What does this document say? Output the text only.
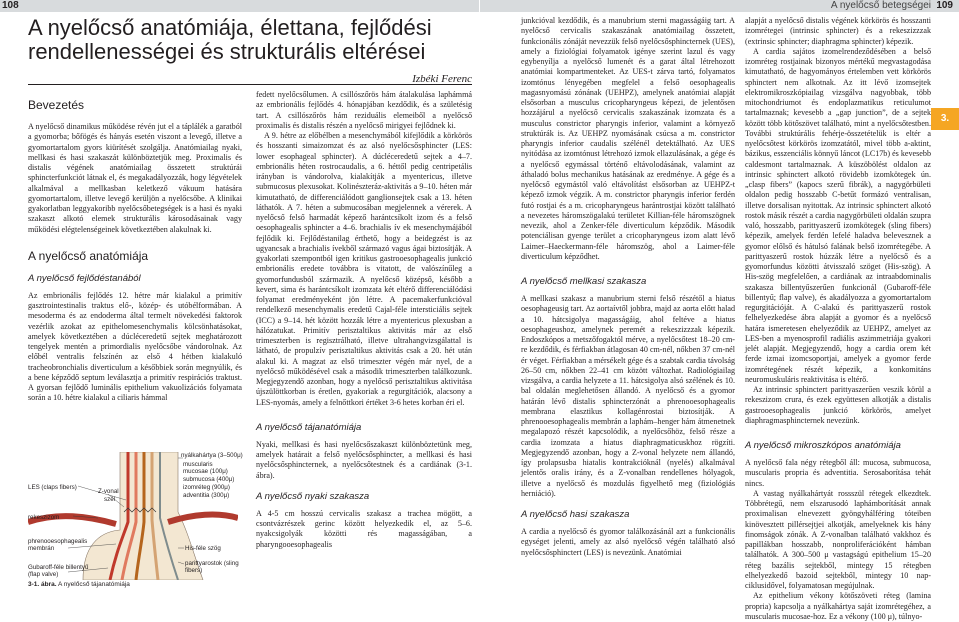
108	A nyelőcső betegségei 109
A nyelőcső anatómiája, élettana, fejlődési rendellenességei és strukturális eltérései
Izbéki Ferenc
3.
Bevezetés

A nyelőcső dinamikus működése révén jut el a táplálék a garatból a gyomorba; bőfögés és hányás esetén viszont a levegő, illetve a gyomortartalom gyors kiürítését szolgálja. Anatómiailag nyaki, mellkasi és hasi szakaszát különböztetjük meg. Proximalis és distalis végének anatómiailag összetett struktúrái sphincterfunkciót látnak el, és megakadályozzák, hogy légvételek alkalmával a mellkasban keletkező vákuum hatására gyomortartalom, illetve levegő kerüljön a nyelőcsőbe. A klinikai gyakorlatban leggyakoribb nyelőcsőbetegségek is a hasi és nyaki szakaszt alkotó elemek strukturális károsodásainak vagy működési elégtelenségeinek következtében alakulnak ki.

A nyelőcső anatómiája
A nyelőcső fejlődéstanából

Az embrionális fejlődés 12. hétre már kialakul a primitív gasztrointestinalis traktus elő-, közép- és utóbélformában. A mesoderma és az endoderma által termelt növekedési faktorok vezérlik azokat az epithelomesenchymalis kölcsönhatásokat, amelyek következtében a dúcléceredetű sejtek meghatározott tengelyek mentén a primordialis nyelőcsőbe vándorolnak. Az előbél ventralis felszínén az első 4 hétben kialakuló tracheobronchialis diverticulum a későbbiek során megnyúlik, és a bene képződő septum leválasztja a primitív respirációs traktust. A gyorsan fejlődő luminális epithelium vakuolizációs folyamata során a 10. hétre kialakul a ciliaris hámmal

nyálkahártya (3–500μ)
muscularis
mucosae (100μ)
submucosa (400μ)
izomréteg (900μ)
adventitia (300μ)
LES (claps fibers)
rekeszizom
Z-vonal
szél
phrenooesophagealis membrán
Gubaroff-féle billentyű (flap valve)
His-féle szög
parittyarostok (sling fibers)
3-1. ábra. A nyelőcső tájanatómiája

fedett nyelőcsőlumen. A csillószőrös hám átalakulása laphámmá az embrionális fejlődés 4. hónapjában kezdődik, és a születésig tart. A csillószőrös hám reziduális elemeiből a nyelőcső proximalis és distalis részén a nyelőcső mirigyei fejlődnek ki.

A 9. hétre az előbélben a mesenchymából kifejlődik a körkörös és hosszanti simaizomzat és az alsó nyelőcsősphincter (LES: lower esophageal sphincter). A dúcléceredetű sejtek a 4–7. embrionális héten rostrocaudalis, a 6. héttől pedig centripetális irányban is vándorolva, kialakítják a myentericus, illetve submucosus plexusokat. Kolinészteráz-aktivitás a 9–10. héten már kimutatható, de differenciálódott ganglionsejtek csak a 13. héten láthatók. A 7. héten a submucosában megjelennek a vérerek. A nyelőcső felső harmadát képező harántcsíkolt izom és a felső oesophagealis sphincter a 4–6. brachialis ív ek mesenchymájából fejlődik ki. Fejlődéstanilag érthető, hogy a beidegzést is az ugyancsak a brachialis ívekből származó vagus ágai biztosítják. A gyakorlati szempontból igen kritikus gastrooesophagealis junkció embrionális eredete továbbra is vitatott, de valószínűleg a gyomorfundusból származik. A nyelőcső középső, később a kevert, sima és harántcsíkolt izomzata két eltérő differenciálódási folyamat eredményeként jön létre. A pacemakerfunkcióval rendelkező mesenchymalis eredetű Cajal-féle intersticiális sejtek (ICC) a 9–14. hét között hozzák létre a myentericus plexusban a hálózatukat. Primitív perisztaltikus aktivitás már az első trimeszterben is regisztrálható, illetve ultrahangvizsgálattal is látható, de propulzív perisztaltikus aktivitás csak a 20. hét után alakul ki. A magzat az első trimeszter végén már nyel, de a nyelőcső működésével csak a második trimeszterben találkozunk. Megjegyzendő azonban, hogy a nyelőcső perisztaltikus aktivitása újszülöttkorban is éretlen, gyakoriak a regurgitációk, alacsony a LES-nyomás, amely a felnőttkori értéket 3-6 hetes korban éri el.

A nyelőcső tájanatómiája

Nyaki, mellkasi és hasi nyelőcsőszakaszt különböztetünk meg, amelyek határait a felső nyelőcsősphincter, a mellkasi és hasi nyelőcsősphincternek, a nyelőcsőtestnek és a cardiának (3-1. ábra).

A nyelőcső nyaki szakasza

A 4-5 cm hosszú cervicalis szakasz a trachea mögött, a csontvázrészek gerinc között helyezkedik el, az 5–6. nyakcsigolyák közötti rés magasságában, a pharyngooesophagealis

junkcióval kezdődik, és a manubrium sterni magasságáig tart. A nyelőcső cervicalis szakaszának anatómiailag összetett, funkcionális zónáját nevezzük felső nyelőcsősphincternek (UES), amely a fiziológiai folyamatok igénye szerint lazul és vagy egybenyílja a nyelőcső lumenét és a garat által létrehozott anatómiai kompartmenteket. Az UES-t zárva tartó, folyamatos izomtónus lényegében megfelel a felső oesophagealis magasnyomású zónának (UEHPZ), amelynek anatómiai alapját elsősorban a musculus cricopharyngeus képezi, de jelentősen hozzájárul a nyelőcső cervicalis szakaszának izomzata és a musculus constrictor pharyngis inferior, valamint a környező struktúrák is. Az UEHPZ nyomásának csúcsa a m. constrictor pharyngis inferior caudalis szélénél detektálható. Az UES nyitódása az izomtónust létrehozó izmok ellazulásának, a gége és a nyelőcső egymással történő eltávolodásának, valamint az áthaladó bolus mechanikus hatásának az eredménye. A gége és a nyelőcső egymástól való eltávolítást elsősorban az UEHPZ-t képező izmok végzik. A m. constrictor pharyngis inferior ferdén futó rostjai és a m. cricopharyngeus harántrostjai között található a nevezetes háromszögalakú területet Killian-féle háromszögnek nevezik, ahol a Zenker-féle diverticulum képződik. Második potenciálisan gyenge terület a cricopharyngeus izom alatt lévő Laimer–Haeckermann-féle háromszög, ahol a Laimer-féle diverticulum képződhet.

A nyelőcső mellkasi szakasza

A mellkasi szakasz a manubrium sterni felső részétől a hiatus oesophageusig tart. Az aortaívtől jobbra, majd az aorta előtt halad a 10. hátcsigolya magasságáig, ahol feltéve a hiatus oesophageushoz, amelynek peremét a rekeszizzzak képezik. Endoszkópos a metszőfogaktól mérve, a nyelőcsőtest 18–20 cm-re kezdődik, és férfiakban átlagosan 40 cm-nél, nőkben 37 cm-nél ér véget. Férfiakban a mérsékelt gége és a szabtak cardia távolság 26–50 cm, nőkben 22–41 cm között változhat. Radiológiailag vizsgálva, a cardia helyzete a 11. hátcsigolya alsó szélének és 10. bal oldalán meglehetősen állandó. A nyelőcső és a gyomor határán lévő distalis sphincterzónát a phrenooesophagealis membrana elasztikus kollagénrostai biztosítják. A phrenooesophagealis membrán a laphám–henger hám átmenetnek megalapozó részét kapcsolódik, a nyelőcsőhöz, felső része a cardia izomzata a hiatus diaphragmaticuskhoz rögzíti. Megjegyzendő azonban, hogy a Z-vonal helyzete nem állandó, így prolapsusba hiatalis kontrakcióknál (nyelés) alkalmával jelentős oralis irány, és a Z-vonalban rendellenes hólyagok, illetve a nyelőcső és mozdulás figyelhető meg (fiziológiás herniáció).

A nyelőcső hasi szakasza

A cardia a nyelőcső és gyomor találkozásánál azt a funkcionális egységet jelenti, amely az alsó nyelőcső végén található alsó nyelőcsősphinctert (LES) is nevezünk. Anatómiai

alapját a nyelőcső distalis végének körkörös és hosszanti izomrétegei (intrinsic sphincter) és a rekeszizzzak (extrinsic sphincter; diaphragma sphincter) képezik.

A cardia sajátos izomelrendeződésében a belső izomréteg rostjainak bizonyos mértékű megvastagodása kimutatható, de hagyományos értelemben vett körkörös sphinctert nem alkotnak. Az itt lévő izomsejtek elektromikroszkópiailag vizsgálva nagyobbak, több mitochondriumot és endoplazmatikus reticulumot tartalmaznak; kevesebb a „gap junction”, de a sejtek között több kötőszövet található, mint a nyelőcsőtestben. További struktúrális fehérje-összetételük is eltér a nyelőcsőtest körkörös izomzatától, mivel több a-aktint, bázikus, esszenciális könnyű láncot (LC17b) és kevesebb caldesmont tartalmaznak. A küszöbölést oldalon az intrinsic sphinctert alkotó rövidebb izomkötegek ún. „clasp fibers” (kapocs szerű fibrák), a nagygörbületi oldalon pedig hosszabb C-betűt formázó ventralisan, illetve dorsalisan nyitottak. Az intrinsic sphinctert alkotó rostok másik részét a cardia nagygörbületi oldalán szupra való, hosszabb, parittyaszerű izomkötegek (sling fibers) képezik, amelyek ferdén lefelé haladva belevesznek a gyomor előlső és hátulsó falának belső izomrétegébe. A parittyaszerű rostok húzzák létre a nyelőcső és a gyomorfundus közötti átvisszaló szöget (His-szög). A His-szög megfelelően, a cardiának az intraabdominalis szakasza billentyűszerűen funkcionál (Gubaroff-féle billentyű; flap valve), és akadályozza a gyomortartalom regurgitációját. A C-alakú és parittyaszerű rostok felhelyezkedése ábra alapját a gyomor és a nyelőcső határa ismeretesen ehelyeződik az UEHPZ, amelyet az LES-ben a myenosprofil radiális aszimmetriája gyakori jelét alapját. Megjegyzendő, hogy a cardia orem két ferde izmai izomcsoportjai, amelyek a gyomor ferde izomrétegének részét képezik, a konkomitáns neuromuskuláris reaktivitása is eltérő.

Az intrinsic sphinctert parittyaszerűen veszik körül a rekeszizom crura, és ezek együttesen alkotják a distalis gastrooesophagealis junkció körkörös, amelyet diaphragmasphincternek nevezünk.

A nyelőcső mikroszkópos anatómiája

A nyelőcső fala négy rétegből áll: mucosa, submucosa, muscularis propria és adventitia. Serosaborítása tehát nincs.

A vastag nyálkahártyát rossszül rétegek elkezdtek. Többrétegű, nem elszarusodó laphámborítását annak proximalisan elnevezett gyöngyhálféring tóteiben kinövesztett pillérsejtjei alkotják, amelyeknek kis hány finomságok zónák. A Z-vonalban található vakkhoz és papillákban hosszabb, nonproliferációként hámban találhatók. A 300–500 μ vastagságú epithelium 15–20 réteg bazális sejtekből, mintegy 15 rétegben elhelyezkedő bazoid sejtekből, mintegy 10 nap-ciklusidővel, folyamatosan megújulnak.

Az epithelium vékony kötőszöveti réteg (lamina propria) kapcsolja a nyálkahártya saját izomrétegéhez, a muscularis mucosae-hoz. Ez a vékony (100 μ), túlnyo-
